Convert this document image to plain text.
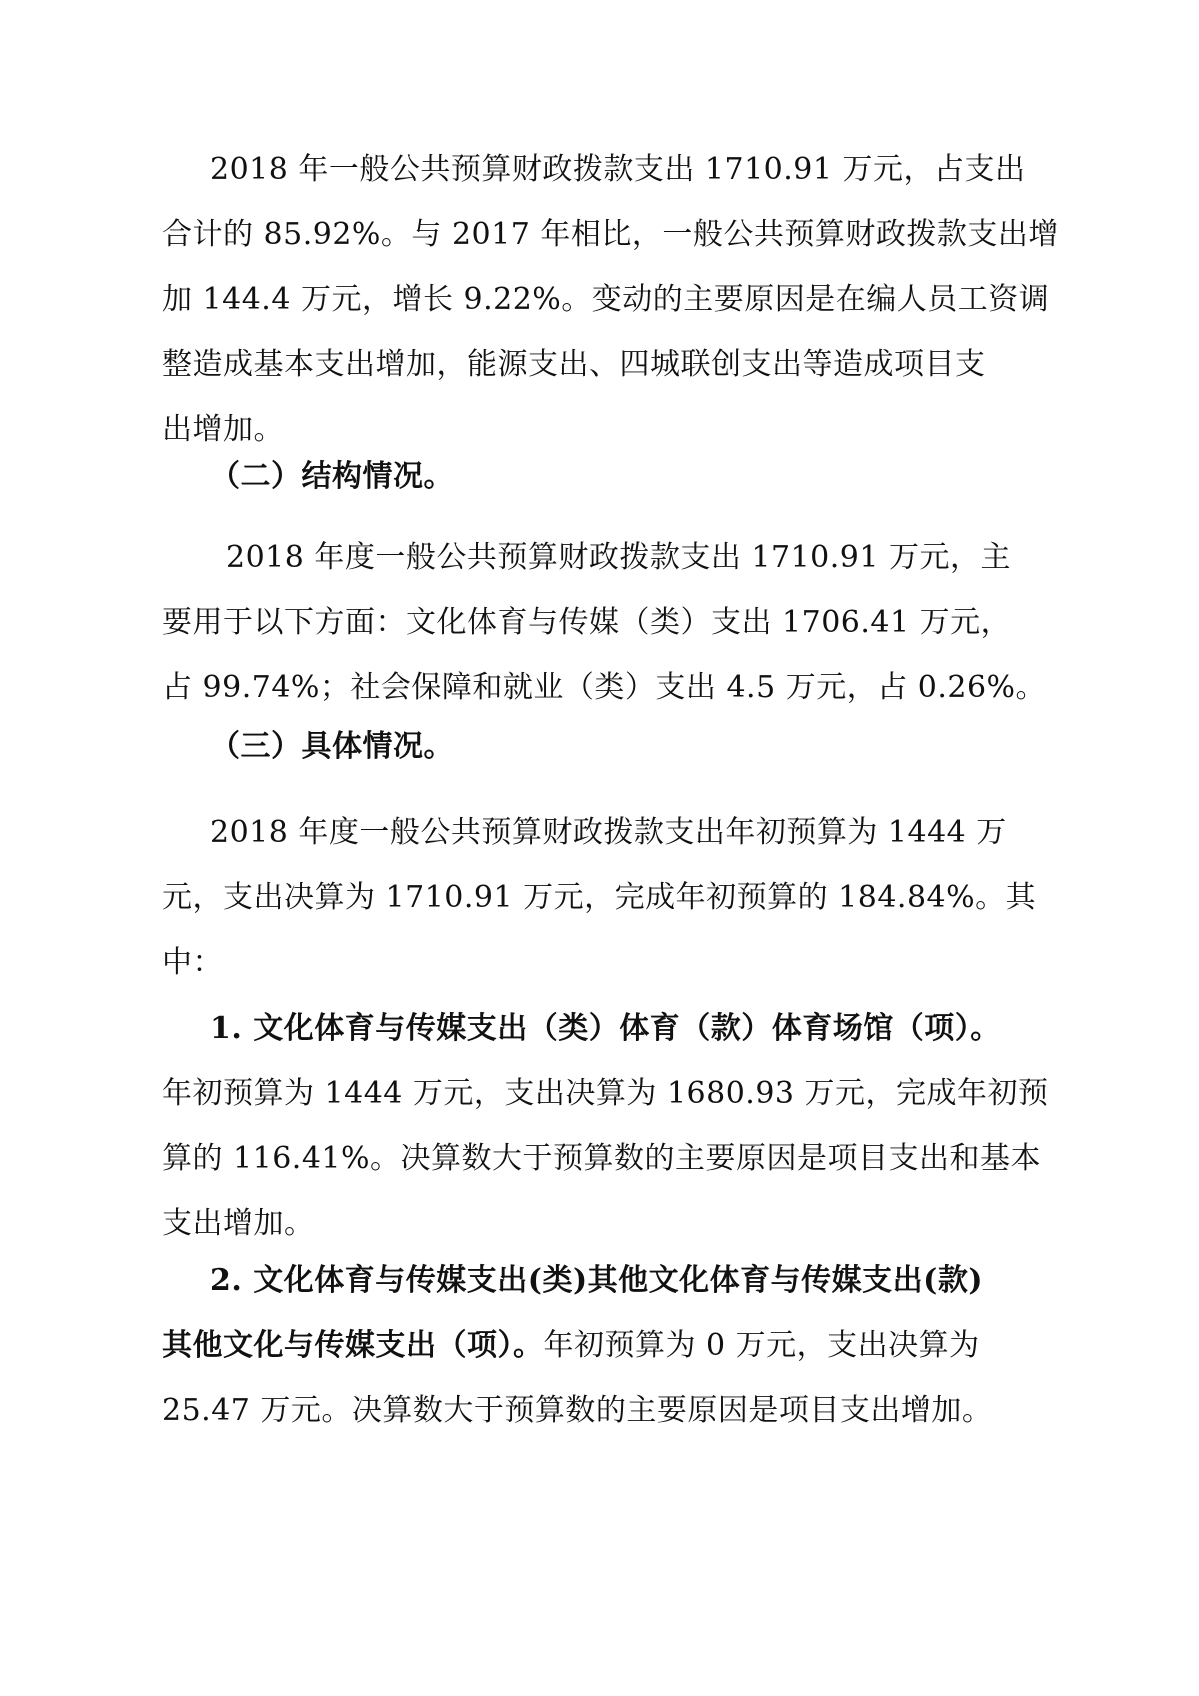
2018 年一般公共预算财政拨款支出 1710.91 万元，占支出
合计的 85.92%。与 2017 年相比，一般公共预算财政拨款支出增
加 144.4 万元，增长 9.22%。变动的主要原因是在编人员工资调
整造成基本支出增加，能源支出、四城联创支出等造成项目支
出增加。
（二）结构情况。
2018 年度一般公共预算财政拨款支出 1710.91 万元，主
要用于以下方面：文化体育与传媒（类）支出 1706.41 万元，
占 99.74%；社会保障和就业（类）支出 4.5 万元，占 0.26%。
（三）具体情况。
2018 年度一般公共预算财政拨款支出年初预算为 1444 万
元，支出决算为 1710.91 万元，完成年初预算的 184.84%。其
中：
1. 文化体育与传媒支出（类）体育（款）体育场馆（项）。
年初预算为 1444 万元，支出决算为 1680.93 万元，完成年初预
算的 116.41%。决算数大于预算数的主要原因是项目支出和基本
支出增加。
2. 文化体育与传媒支出(类)其他文化体育与传媒支出(款)
其他文化与传媒支出（项）。年初预算为 0 万元，支出决算为
25.47 万元。决算数大于预算数的主要原因是项目支出增加。
